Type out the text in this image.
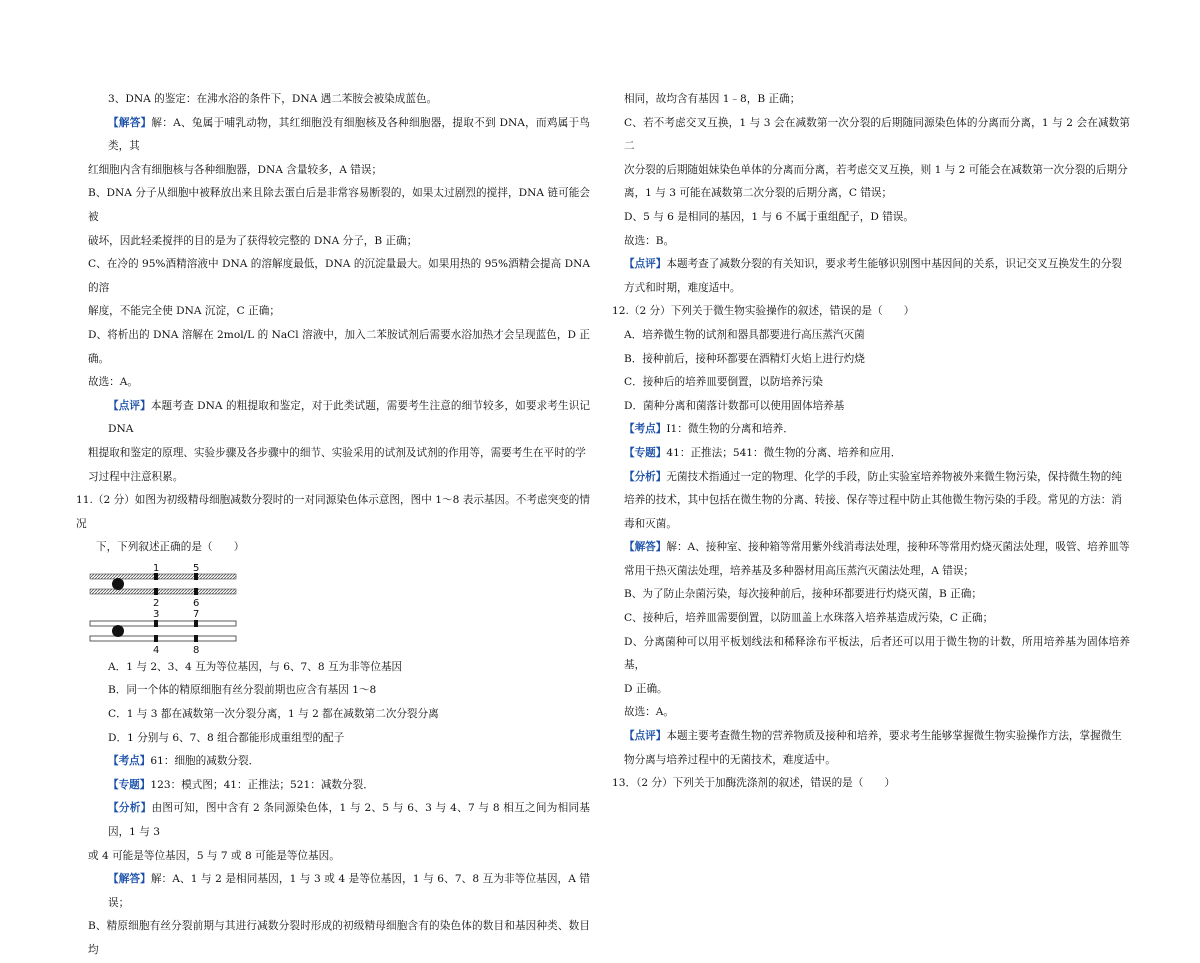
3、DNA 的鉴定：在沸水浴的条件下，DNA 遇二苯胺会被染成蓝色。

【解答】解：A、兔属于哺乳动物，其红细胞没有细胞核及各种细胞器，提取不到 DNA，而鸡属于鸟类，其

红细胞内含有细胞核与各种细胞器，DNA 含量较多，A 错误；

B、DNA 分子从细胞中被释放出来且除去蛋白后是非常容易断裂的，如果太过剧烈的搅拌，DNA 链可能会被

破坏，因此轻柔搅拌的目的是为了获得较完整的 DNA 分子，B 正确；

C、在冷的 95%酒精溶液中 DNA 的溶解度最低，DNA 的沉淀量最大。如果用热的 95%酒精会提高 DNA 的溶

解度，不能完全使 DNA 沉淀，C 正确；

D、将析出的 DNA 溶解在 2mol/L 的 NaCl 溶液中，加入二苯胺试剂后需要水浴加热才会呈现蓝色，D 正确。

故选：A。

【点评】本题考查 DNA 的粗提取和鉴定，对于此类试题，需要考生注意的细节较多，如要求考生识记 DNA

粗提取和鉴定的原理、实验步骤及各步骤中的细节、实验采用的试剂及试剂的作用等，需要考生在平时的学

习过程中注意积累。

11.（2 分）如图为初级精母细胞减数分裂时的一对同源染色体示意图，图中 1～8 表示基因。不考虑突变的情况

下，下列叙述正确的是（　　）

1	5
2	6
3	7
4	8

A．1 与 2、3、4 互为等位基因，与 6、7、8 互为非等位基因

B．同一个体的精原细胞有丝分裂前期也应含有基因 1～8

C．1 与 3 都在减数第一次分裂分离，1 与 2 都在减数第二次分裂分离

D．1 分别与 6、7、8 组合都能形成重组型的配子

【考点】61：细胞的减数分裂．

【专题】123：模式图；41：正推法；521：减数分裂．

【分析】由图可知，图中含有 2 条同源染色体，1 与 2、5 与 6、3 与 4、7 与 8 相互之间为相同基因，1 与 3

或 4 可能是等位基因，5 与 7 或 8 可能是等位基因。

【解答】解：A、1 与 2 是相同基因，1 与 3 或 4 是等位基因，1 与 6、7、8 互为非等位基因，A 错误；

B、精原细胞有丝分裂前期与其进行减数分裂时形成的初级精母细胞含有的染色体的数目和基因种类、数目均

相同，故均含有基因 1﹣8，B 正确；

C、若不考虑交叉互换，1 与 3 会在减数第一次分裂的后期随同源染色体的分离而分离，1 与 2 会在减数第二

次分裂的后期随姐妹染色单体的分离而分离，若考虑交叉互换，则 1 与 2 可能会在减数第一次分裂的后期分

离，1 与 3 可能在减数第二次分裂的后期分离，C 错误；

D、5 与 6 是相同的基因，1 与 6 不属于重组配子，D 错误。

故选：B。

【点评】本题考查了减数分裂的有关知识，要求考生能够识别图中基因间的关系，识记交叉互换发生的分裂

方式和时期，难度适中。

12.（2 分）下列关于微生物实验操作的叙述，错误的是（　　）

A．培养微生物的试剂和器具都要进行高压蒸汽灭菌

B．接种前后，接种环都要在酒精灯火焰上进行灼烧

C．接种后的培养皿要倒置，以防培养污染

D．菌种分离和菌落计数都可以使用固体培养基

【考点】I1：微生物的分离和培养．

【专题】41：正推法；541：微生物的分离、培养和应用．

【分析】无菌技术指通过一定的物理、化学的手段，防止实验室培养物被外来微生物污染，保持微生物的纯

培养的技术，其中包括在微生物的分离、转接、保存等过程中防止其他微生物污染的手段。常见的方法：消

毒和灭菌。

【解答】解：A、接种室、接种箱等常用紫外线消毒法处理，接种环等常用灼烧灭菌法处理，吸管、培养皿等

常用干热灭菌法处理，培养基及多种器材用高压蒸汽灭菌法处理，A 错误；

B、为了防止杂菌污染，每次接种前后，接种环都要进行灼烧灭菌，B 正确；

C、接种后，培养皿需要倒置，以防皿盖上水珠落入培养基造成污染，C 正确；

D、分离菌种可以用平板划线法和稀释涂布平板法，后者还可以用于微生物的计数，所用培养基为固体培养基，

D 正确。

故选：A。

【点评】本题主要考查微生物的营养物质及接种和培养，要求考生能够掌握微生物实验操作方法，掌握微生

物分离与培养过程中的无菌技术，难度适中。

13．（2 分）下列关于加酶洗涤剂的叙述，错误的是（　　）
